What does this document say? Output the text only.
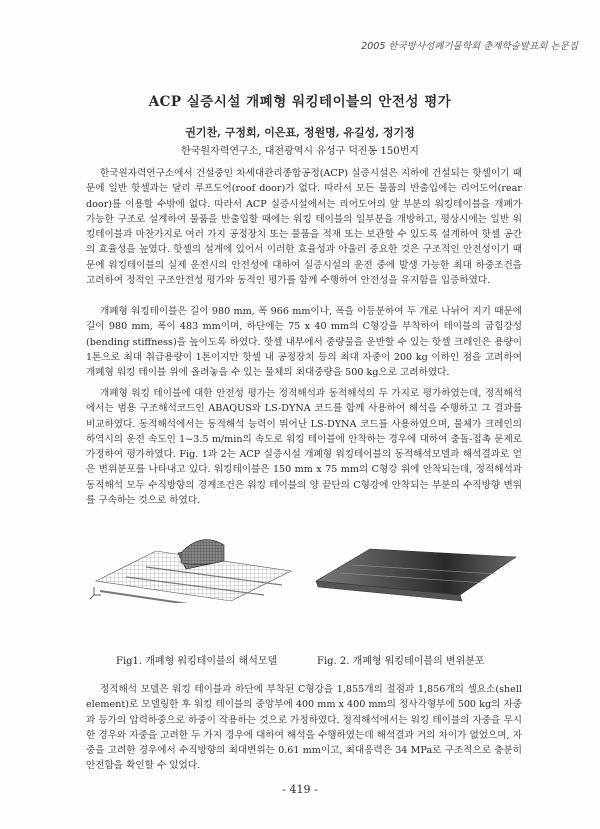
2005 한국방사성폐기물학회 춘계학술발표회 논문집
ACP 실증시설 개폐형 워킹테이블의 안전성 평가
권기찬, 구정회, 이은표, 정원명, 유길성, 정기정
한국원자력연구소, 대전광역시 유성구 덕진동 150번지

한국원자력연구소에서 건설중인 차세대관리종합공정(ACP) 실증시설은 지하에 건설되는 핫셀이기 때문에 일반 핫셀과는 달리 루프도어(roof door)가 없다. 따라서 모든 물품의 반출입에는 리어도어(rear door)를 이용할 수밖에 없다. 따라서 ACP 실증시설에서는 리어도어의 앞 부분의 워킹테이블을 개폐가 가능한 구조로 설계하여 물품을 반출입할 때에는 워킹 테이블의 일부분을 개방하고, 평상시에는 일반 워킹테이블과 마찬가지로 여러 가지 공정장치 또는 물품을 적재 또는 보관할 수 있도록 설계하여 핫셀 공간의 효율성을 높였다. 핫셀의 설계에 있어서 이러한 효율성과 아울러 중요한 것은 구조적인 안전성이기 때문에 워킹테이블의 실제 운전시의 안전성에 대하여 실증시설의 운전 중에 발생 가능한 최대 하중조건을 고려하여 정적인 구조안전성 평가와 동적인 평가를 함께 수행하여 안전성을 유지함을 입증하였다.

개폐형 워킹테이블은 길이 980 mm, 폭 966 mm이나, 폭을 이등분하여 두 개로 나뉘어 지기 때문에 길이 980 mm, 폭이 483 mm이며, 하단에는 75 x 40 mm의 C형강을 부착하여 테이블의 굽힘강성(bending stiffness)을 높이도록 하였다. 핫셀 내부에서 중량물을 운반할 수 있는 핫셀 크레인은 용량이 1톤으로 최대 취급용량이 1톤이지만 핫셀 내 공정장치 등의 최대 자중이 200 kg 이하인 점을 고려하여 개폐형 워킹 테이블 위에 올려놓을 수 있는 물체의 최대중량을 500 kg으로 고려하였다.

개폐형 워킹 테이블에 대한 안전성 평가는 정적해석과 동적해석의 두 가지로 평가하였는데, 정적해석에서는 범용 구조해석코드인 ABAQUS와 LS-DYNA 코드를 함께 사용하여 해석을 수행하고 그 결과를 비교하였다. 동적해석에서는 동적해석 능력이 뛰어난 LS-DYNA 코드를 사용하였으며, 물체가 크레인의 하역시의 운전 속도인 1~3.5 m/min의 속도로 워킹 테이블에 안착하는 경우에 대하여 충돌-접촉 문제로 가정하여 평가하였다. Fig. 1과 2는 ACP 실증시설 개폐형 워킹테이블의 동적해석모델과 해석결과로 얻은 변위분포를 나타내고 있다. 워킹테이블은 150 mm x 75 mm의 C형강 위에 안착되는데, 정적해석과 동적해석 모두 수직방향의 경계조건은 워킹 테이블의 양 끝단의 C형강에 안착되는 부분의 수직방향 변위를 구속하는 것으로 하였다.

Fig1. 개폐형 워킹테이블의 해석모델	Fig. 2. 개폐형 워킹테이블의 변위분포

정적해석 모델은 워킹 테이블과 하단에 부착된 C형강을 1,855개의 절점과 1,856개의 셀요소(shell element)로 모델링한 후 워킹 테이블의 중앙부에 400 mm x 400 mm의 정사각형부에 500 kg의 자중과 등가의 압력하중으로 하중이 작용하는 것으로 가정하였다. 정적해석에서는 워킹 테이블의 자중을 무시한 경우와 자중을 고려한 두 가지 경우에 대하여 해석을 수행하였는데 해석결과 거의 차이가 없었으며, 자중을 고려한 경우에서 수직방향의 최대변위는 0.61 mm이고, 최대응력은 34 MPa로 구조적으로 충분히 안전함을 확인할 수 있었다.

- 419 -
